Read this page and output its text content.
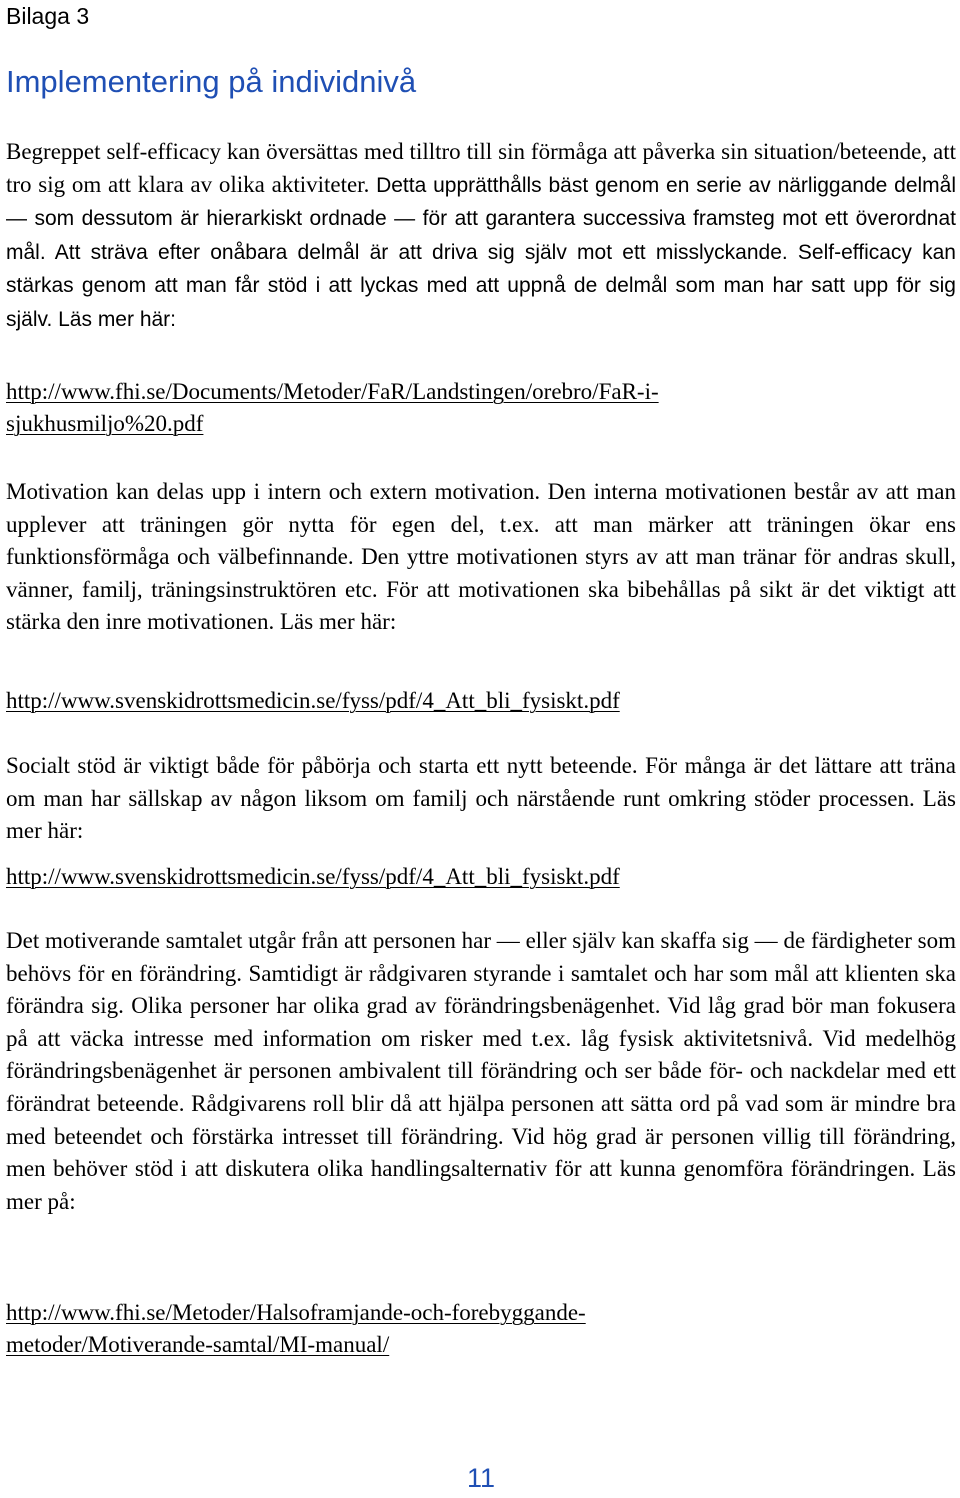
Bilaga 3

Implementering på individnivå

Begreppet self-efficacy kan översättas med tilltro till sin förmåga att påverka sin situation/beteende, att tro sig om att klara av olika aktiviteter. Detta upprätthålls bäst genom en serie av närliggande delmål — som dessutom är hierarkiskt ordnade — för att garantera successiva framsteg mot ett överordnat mål. Att sträva efter onåbara delmål är att driva sig själv mot ett misslyckande. Self-efficacy kan stärkas genom att man får stöd i att lyckas med att uppnå de delmål som man har satt upp för sig själv. Läs mer här:

http://www.fhi.se/Documents/Metoder/FaR/Landstingen/orebro/FaR-i-
sjukhusmiljo%20.pdf

Motivation kan delas upp i intern och extern motivation. Den interna motivationen består av att man upplever att träningen gör nytta för egen del, t.ex. att man märker att träningen ökar ens funktionsförmåga och välbefinnande. Den yttre motivationen styrs av att man tränar för andras skull, vänner, familj, träningsinstruktören etc. För att motivationen ska bibehållas på sikt är det viktigt att stärka den inre motivationen. Läs mer här:

http://www.svenskidrottsmedicin.se/fyss/pdf/4_Att_bli_fysiskt.pdf

Socialt stöd är viktigt både för påbörja och starta ett nytt beteende. För många är det lättare att träna om man har sällskap av någon liksom om familj och närstående runt omkring stöder processen. Läs mer här:

http://www.svenskidrottsmedicin.se/fyss/pdf/4_Att_bli_fysiskt.pdf

Det motiverande samtalet utgår från att personen har — eller själv kan skaffa sig — de färdigheter som behövs för en förändring. Samtidigt är rådgivaren styrande i samtalet och har som mål att klienten ska förändra sig. Olika personer har olika grad av förändringsbenägenhet. Vid låg grad bör man fokusera på att väcka intresse med information om risker med t.ex. låg fysisk aktivitetsnivå. Vid medelhög förändringsbenägenhet är personen ambivalent till förändring och ser både för- och nackdelar med ett förändrat beteende. Rådgivarens roll blir då att hjälpa personen att sätta ord på vad som är mindre bra med beteendet och förstärka intresset till förändring. Vid hög grad är personen villig till förändring, men behöver stöd i att diskutera olika handlingsalternativ för att kunna genomföra förändringen. Läs mer på:

http://www.fhi.se/Metoder/Halsoframjande-och-forebyggande-
metoder/Motiverande-samtal/MI-manual/

11
